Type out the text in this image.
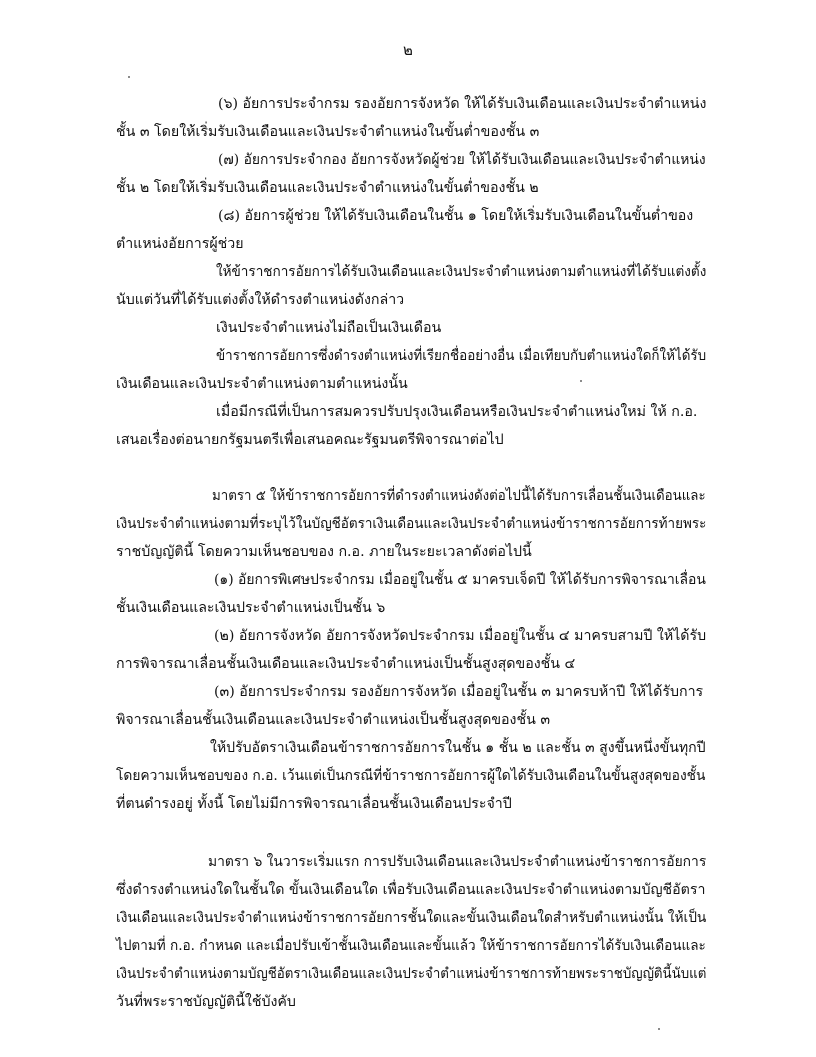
๒
(๖) อัยการประจำกรม รองอัยการจังหวัด ให้ได้รับเงินเดือนและเงินประจำตำแหน่ง
ชั้น ๓ โดยให้เริ่มรับเงินเดือนและเงินประจำตำแหน่งในขั้นต่ำของชั้น ๓
(๗) อัยการประจำกอง อัยการจังหวัดผู้ช่วย ให้ได้รับเงินเดือนและเงินประจำตำแหน่ง
ชั้น ๒ โดยให้เริ่มรับเงินเดือนและเงินประจำตำแหน่งในขั้นต่ำของชั้น ๒
(๘) อัยการผู้ช่วย ให้ได้รับเงินเดือนในชั้น ๑ โดยให้เริ่มรับเงินเดือนในขั้นต่ำของ
ตำแหน่งอัยการผู้ช่วย
ให้ข้าราชการอัยการได้รับเงินเดือนและเงินประจำตำแหน่งตามตำแหน่งที่ได้รับแต่งตั้ง
นับแต่วันที่ได้รับแต่งตั้งให้ดำรงตำแหน่งดังกล่าว
เงินประจำตำแหน่งไม่ถือเป็นเงินเดือน
ข้าราชการอัยการซึ่งดำรงตำแหน่งที่เรียกชื่ออย่างอื่น เมื่อเทียบกับตำแหน่งใดก็ให้ได้รับ
เงินเดือนและเงินประจำตำแหน่งตามตำแหน่งนั้น
เมื่อมีกรณีที่เป็นการสมควรปรับปรุงเงินเดือนหรือเงินประจำตำแหน่งใหม่ ให้ ก.อ.
เสนอเรื่องต่อนายกรัฐมนตรีเพื่อเสนอคณะรัฐมนตรีพิจารณาต่อไป
มาตรา ๕ ให้ข้าราชการอัยการที่ดำรงตำแหน่งดังต่อไปนี้ได้รับการเลื่อนชั้นเงินเดือนและ
เงินประจำตำแหน่งตามที่ระบุไว้ในบัญชีอัตราเงินเดือนและเงินประจำตำแหน่งข้าราชการอัยการท้ายพระ
ราชบัญญัตินี้ โดยความเห็นชอบของ ก.อ. ภายในระยะเวลาดังต่อไปนี้
(๑) อัยการพิเศษประจำกรม เมื่ออยู่ในชั้น ๕ มาครบเจ็ดปี ให้ได้รับการพิจารณาเลื่อน
ชั้นเงินเดือนและเงินประจำตำแหน่งเป็นชั้น ๖
(๒) อัยการจังหวัด อัยการจังหวัดประจำกรม เมื่ออยู่ในชั้น ๔ มาครบสามปี ให้ได้รับ
การพิจารณาเลื่อนชั้นเงินเดือนและเงินประจำตำแหน่งเป็นชั้นสูงสุดของชั้น ๔
(๓) อัยการประจำกรม รองอัยการจังหวัด เมื่ออยู่ในชั้น ๓ มาครบห้าปี ให้ได้รับการ
พิจารณาเลื่อนชั้นเงินเดือนและเงินประจำตำแหน่งเป็นชั้นสูงสุดของชั้น ๓
ให้ปรับอัตราเงินเดือนข้าราชการอัยการในชั้น ๑ ชั้น ๒ และชั้น ๓ สูงขึ้นหนึ่งขั้นทุกปี
โดยความเห็นชอบของ ก.อ. เว้นแต่เป็นกรณีที่ข้าราชการอัยการผู้ใดได้รับเงินเดือนในขั้นสูงสุดของชั้น
ที่ตนดำรงอยู่ ทั้งนี้ โดยไม่มีการพิจารณาเลื่อนชั้นเงินเดือนประจำปี
มาตรา ๖ ในวาระเริ่มแรก การปรับเงินเดือนและเงินประจำตำแหน่งข้าราชการอัยการ
ซึ่งดำรงตำแหน่งใดในชั้นใด ขั้นเงินเดือนใด เพื่อรับเงินเดือนและเงินประจำตำแหน่งตามบัญชีอัตรา
เงินเดือนและเงินประจำตำแหน่งข้าราชการอัยการชั้นใดและขั้นเงินเดือนใดสำหรับตำแหน่งนั้น ให้เป็น
ไปตามที่ ก.อ. กำหนด และเมื่อปรับเข้าชั้นเงินเดือนและขั้นแล้ว ให้ข้าราชการอัยการได้รับเงินเดือนและ
เงินประจำตำแหน่งตามบัญชีอัตราเงินเดือนและเงินประจำตำแหน่งข้าราชการท้ายพระราชบัญญัตินี้นับแต่
วันที่พระราชบัญญัตินี้ใช้บังคับ
